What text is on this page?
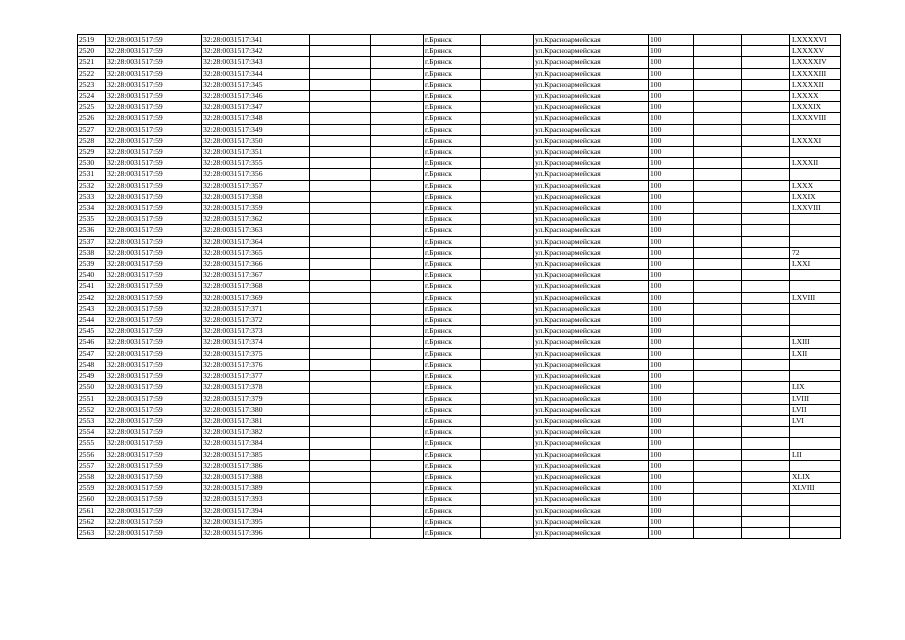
2519	32:28:0031517:59	32:28:0031517:341			г.Брянск		ул.Красноармейская	100			LXXXXVI
2520	32:28:0031517:59	32:28:0031517:342			г.Брянск		ул.Красноармейская	100			LXXXXV
2521	32:28:0031517:59	32:28:0031517:343			г.Брянск		ул.Красноармейская	100			LXXXXIV
2522	32:28:0031517:59	32:28:0031517:344			г.Брянск		ул.Красноармейская	100			LXXXXIII
2523	32:28:0031517:59	32:28:0031517:345			г.Брянск		ул.Красноармейская	100			LXXXXII
2524	32:28:0031517:59	32:28:0031517:346			г.Брянск		ул.Красноармейская	100			LXXXX
2525	32:28:0031517:59	32:28:0031517:347			г.Брянск		ул.Красноармейская	100			LXXXIX
2526	32:28:0031517:59	32:28:0031517:348			г.Брянск		ул.Красноармейская	100			LXXXVIII
2527	32:28:0031517:59	32:28:0031517:349			г.Брянск		ул.Красноармейская	100			
2528	32:28:0031517:59	32:28:0031517:350			г.Брянск		ул.Красноармейская	100			LXXXXI
2529	32:28:0031517:59	32:28:0031517:351			г.Брянск		ул.Красноармейская	100			
2530	32:28:0031517:59	32:28:0031517:355			г.Брянск		ул.Красноармейская	100			LXXXII
2531	32:28:0031517:59	32:28:0031517:356			г.Брянск		ул.Красноармейская	100			
2532	32:28:0031517:59	32:28:0031517:357			г.Брянск		ул.Красноармейская	100			LXXX
2533	32:28:0031517:59	32:28:0031517:358			г.Брянск		ул.Красноармейская	100			LXXIX
2534	32:28:0031517:59	32:28:0031517:359			г.Брянск		ул.Красноармейская	100			LXXVIII
2535	32:28:0031517:59	32:28:0031517:362			г.Брянск		ул.Красноармейская	100			
2536	32:28:0031517:59	32:28:0031517:363			г.Брянск		ул.Красноармейская	100			
2537	32:28:0031517:59	32:28:0031517:364			г.Брянск		ул.Красноармейская	100			
2538	32:28:0031517:59	32:28:0031517:365			г.Брянск		ул.Красноармейская	100			72
2539	32:28:0031517:59	32:28:0031517:366			г.Брянск		ул.Красноармейская	100			LXXI
2540	32:28:0031517:59	32:28:0031517:367			г.Брянск		ул.Красноармейская	100			
2541	32:28:0031517:59	32:28:0031517:368			г.Брянск		ул.Красноармейская	100			
2542	32:28:0031517:59	32:28:0031517:369			г.Брянск		ул.Красноармейская	100			LXVIII
2543	32:28:0031517:59	32:28:0031517:371			г.Брянск		ул.Красноармейская	100			
2544	32:28:0031517:59	32:28:0031517:372			г.Брянск		ул.Красноармейская	100			
2545	32:28:0031517:59	32:28:0031517:373			г.Брянск		ул.Красноармейская	100			
2546	32:28:0031517:59	32:28:0031517:374			г.Брянск		ул.Красноармейская	100			LXIII
2547	32:28:0031517:59	32:28:0031517:375			г.Брянск		ул.Красноармейская	100			LXII
2548	32:28:0031517:59	32:28:0031517:376			г.Брянск		ул.Красноармейская	100			
2549	32:28:0031517:59	32:28:0031517:377			г.Брянск		ул.Красноармейская	100			
2550	32:28:0031517:59	32:28:0031517:378			г.Брянск		ул.Красноармейская	100			LIX
2551	32:28:0031517:59	32:28:0031517:379			г.Брянск		ул.Красноармейская	100			LVIII
2552	32:28:0031517:59	32:28:0031517:380			г.Брянск		ул.Красноармейская	100			LVII
2553	32:28:0031517:59	32:28:0031517:381			г.Брянск		ул.Красноармейская	100			LVI
2554	32:28:0031517:59	32:28:0031517:382			г.Брянск		ул.Красноармейская	100			
2555	32:28:0031517:59	32:28:0031517:384			г.Брянск		ул.Красноармейская	100			
2556	32:28:0031517:59	32:28:0031517:385			г.Брянск		ул.Красноармейская	100			LII
2557	32:28:0031517:59	32:28:0031517:386			г.Брянск		ул.Красноармейская	100			
2558	32:28:0031517:59	32:28:0031517:388			г.Брянск		ул.Красноармейская	100			XLIX
2559	32:28:0031517:59	32:28:0031517:389			г.Брянск		ул.Красноармейская	100			XLVIII
2560	32:28:0031517:59	32:28:0031517:393			г.Брянск		ул.Красноармейская	100			
2561	32:28:0031517:59	32:28:0031517:394			г.Брянск		ул.Красноармейская	100			
2562	32:28:0031517:59	32:28:0031517:395			г.Брянск		ул.Красноармейская	100			
2563	32:28:0031517:59	32:28:0031517:396			г.Брянск		ул.Красноармейская	100			
